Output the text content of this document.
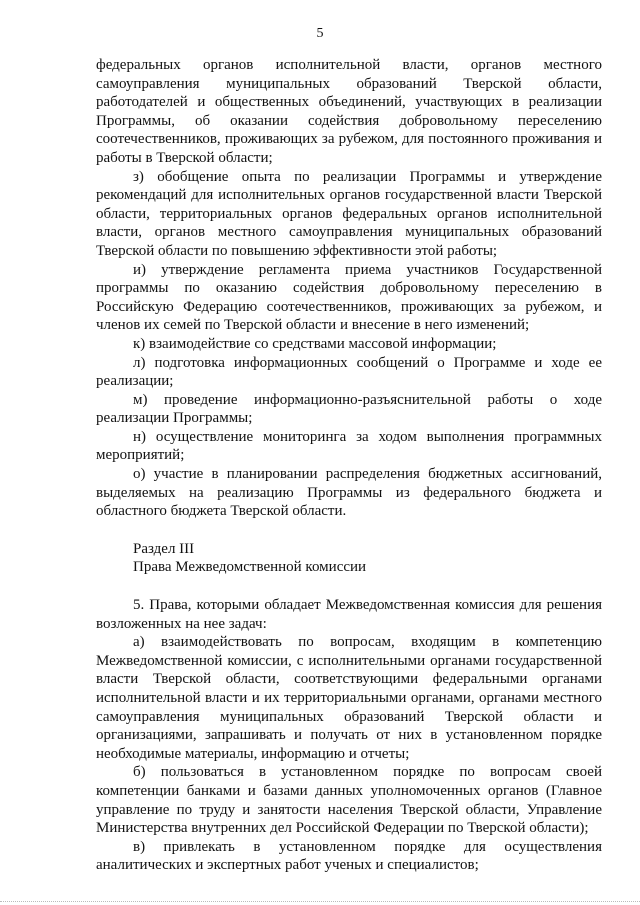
5

федеральных органов исполнительной власти, органов местного самоуправления муниципальных образований Тверской области, работодателей и общественных объединений, участвующих в реализации Программы, об оказании содействия добровольному переселению соотечественников, проживающих за рубежом, для постоянного проживания и работы в Тверской области;

з) обобщение опыта по реализации Программы и утверждение рекомендаций для исполнительных органов государственной власти Тверской области, территориальных органов федеральных органов исполнительной власти, органов местного самоуправления муниципальных образований Тверской области по повышению эффективности этой работы;

и) утверждение регламента приема участников Государственной программы по оказанию содействия добровольному переселению в Российскую Федерацию соотечественников, проживающих за рубежом, и членов их семей по Тверской области и внесение в него изменений;

к) взаимодействие со средствами массовой информации;

л) подготовка информационных сообщений о Программе и ходе ее реализации;

м) проведение информационно-разъяснительной работы о ходе реализации Программы;

н) осуществление мониторинга за ходом выполнения программных мероприятий;

о) участие в планировании распределения бюджетных ассигнований, выделяемых на реализацию Программы из федерального бюджета и областного бюджета Тверской области.

Раздел III

Права Межведомственной комиссии

5. Права, которыми обладает Межведомственная комиссия для решения возложенных на нее задач:

а) взаимодействовать по вопросам, входящим в компетенцию Межведомственной комиссии, с исполнительными органами государственной власти Тверской области, соответствующими федеральными органами исполнительной власти и их территориальными органами, органами местного самоуправления муниципальных образований Тверской области и организациями, запрашивать и получать от них в установленном порядке необходимые материалы, информацию и отчеты;

б) пользоваться в установленном порядке по вопросам своей компетенции банками и базами данных уполномоченных органов (Главное управление по труду и занятости населения Тверской области, Управление Министерства внутренних дел Российской Федерации по Тверской области);

в) привлекать в установленном порядке для осуществления аналитических и экспертных работ ученых и специалистов;
